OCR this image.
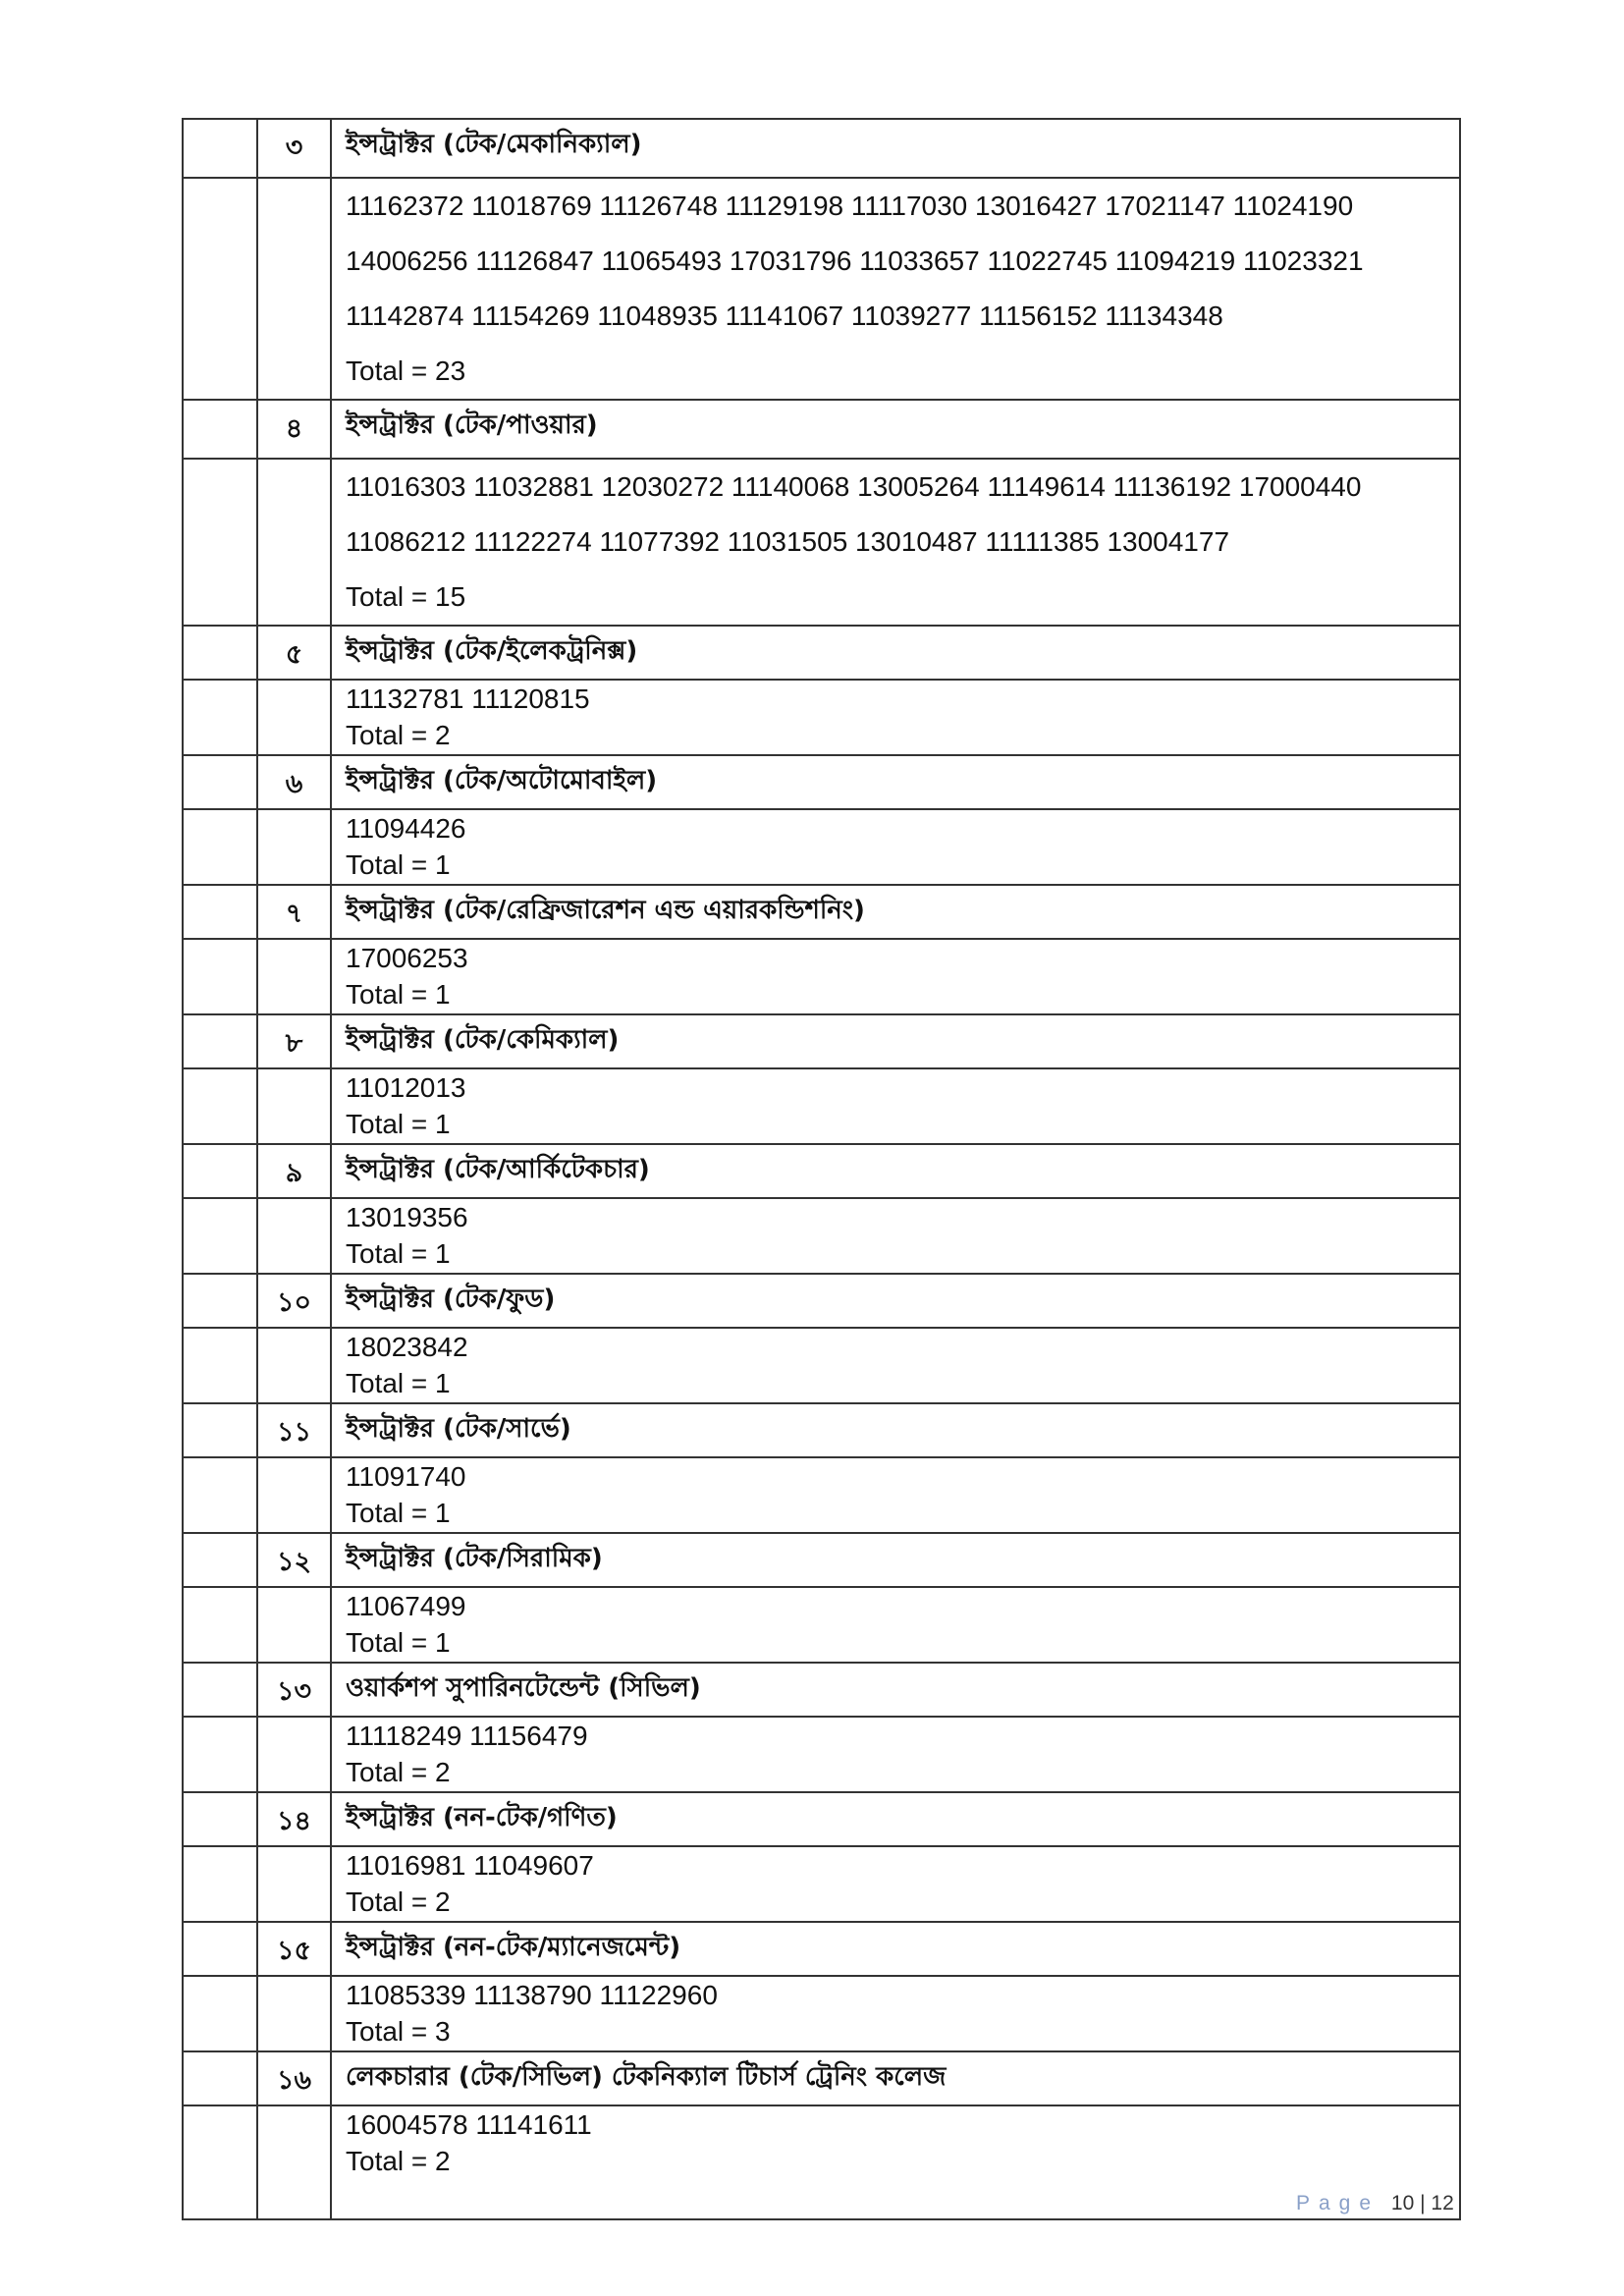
	৩	ইন্সট্রাক্টর (টেক/মেকানিক্যাল)

		11162372 11018769 11126748 11129198 11117030 13016427 17021147 11024190
14006256 11126847 11065493 17031796 11033657 11022745 11094219 11023321
11142874 11154269 11048935 11141067 11039277 11156152 11134348
Total = 23

	৪	ইন্সট্রাক্টর (টেক/পাওয়ার)

		11016303 11032881 12030272 11140068 13005264 11149614 11136192 17000440
11086212 11122274 11077392 11031505 13010487 11111385 13004177
Total = 15

	৫	ইন্সট্রাক্টর (টেক/ইলেকট্রনিক্স)

		11132781 11120815
Total = 2

	৬	ইন্সট্রাক্টর (টেক/অটোমোবাইল)

		11094426
Total = 1

	৭	ইন্সট্রাক্টর (টেক/রেফ্রিজারেশন এন্ড এয়ারকন্ডিশনিং)

		17006253
Total = 1

	৮	ইন্সট্রাক্টর (টেক/কেমিক্যাল)

		11012013
Total = 1

	৯	ইন্সট্রাক্টর (টেক/আর্কিটেকচার)

		13019356
Total = 1

	১০	ইন্সট্রাক্টর (টেক/ফুড)

		18023842
Total = 1

	১১	ইন্সট্রাক্টর (টেক/সার্ভে)

		11091740
Total = 1

	১২	ইন্সট্রাক্টর (টেক/সিরামিক)

		11067499
Total = 1

	১৩	ওয়ার্কশপ সুপারিনটেন্ডেন্ট (সিভিল)

		11118249 11156479
Total = 2

	১৪	ইন্সট্রাক্টর (নন-টেক/গণিত)

		11016981 11049607
Total = 2

	১৫	ইন্সট্রাক্টর (নন-টেক/ম্যানেজমেন্ট)

		11085339 11138790 11122960
Total = 3

	১৬	লেকচারার (টেক/সিভিল) টেকনিক্যাল টিচার্স ট্রেনিং কলেজ

		16004578 11141611
Total = 2
Page 10 | 12
